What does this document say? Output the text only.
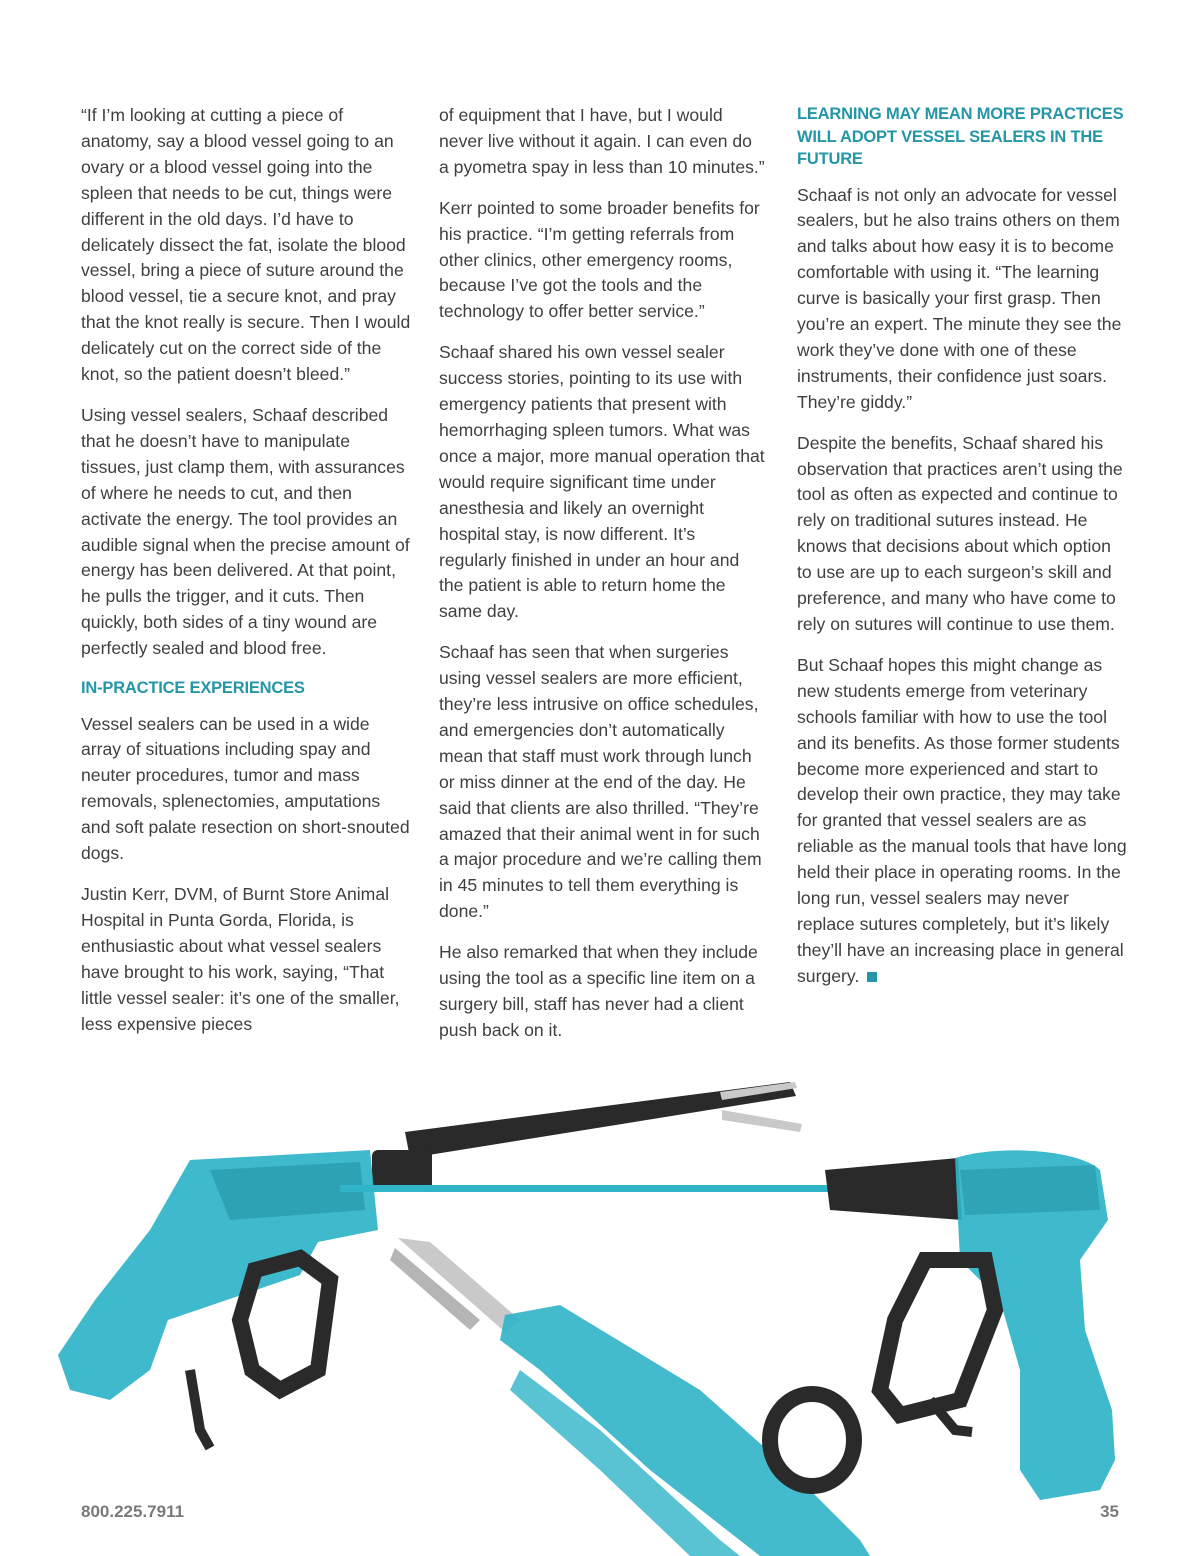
“If I’m looking at cutting a piece of anatomy, say a blood vessel going to an ovary or a blood vessel going into the spleen that needs to be cut, things were different in the old days. I’d have to delicately dissect the fat, isolate the blood vessel, bring a piece of suture around the blood vessel, tie a secure knot, and pray that the knot really is secure. Then I would delicately cut on the correct side of the knot, so the patient doesn’t bleed.”

Using vessel sealers, Schaaf described that he doesn’t have to manipulate tissues, just clamp them, with assurances of where he needs to cut, and then activate the energy. The tool provides an audible signal when the precise amount of energy has been delivered. At that point, he pulls the trigger, and it cuts. Then quickly, both sides of a tiny wound are perfectly sealed and blood free.

IN-PRACTICE EXPERIENCES

Vessel sealers can be used in a wide array of situations including spay and neuter procedures, tumor and mass removals, splenectomies, amputations and soft palate resection on short-snouted dogs.

Justin Kerr, DVM, of Burnt Store Animal Hospital in Punta Gorda, Florida, is enthusiastic about what vessel sealers have brought to his work, saying, “That little vessel sealer: it’s one of the smaller, less expensive pieces

of equipment that I have, but I would never live without it again. I can even do a pyometra spay in less than 10 minutes.”

Kerr pointed to some broader benefits for his practice. “I’m getting referrals from other clinics, other emergency rooms, because I’ve got the tools and the technology to offer better service.”

Schaaf shared his own vessel sealer success stories, pointing to its use with emergency patients that present with hemorrhaging spleen tumors. What was once a major, more manual operation that would require significant time under anesthesia and likely an overnight hospital stay, is now different. It’s regularly finished in under an hour and the patient is able to return home the same day.

Schaaf has seen that when surgeries using vessel sealers are more efficient, they’re less intrusive on office schedules, and emergencies don’t automatically mean that staff must work through lunch or miss dinner at the end of the day. He said that clients are also thrilled. “They’re amazed that their animal went in for such a major procedure and we’re calling them in 45 minutes to tell them everything is done.”

He also remarked that when they include using the tool as a specific line item on a surgery bill, staff has never had a client push back on it.

LEARNING MAY MEAN MORE PRACTICES WILL ADOPT VESSEL SEALERS IN THE FUTURE

Schaaf is not only an advocate for vessel sealers, but he also trains others on them and talks about how easy it is to become comfortable with using it. “The learning curve is basically your first grasp. Then you’re an expert. The minute they see the work they’ve done with one of these instruments, their confidence just soars. They’re giddy.”

Despite the benefits, Schaaf shared his observation that practices aren’t using the tool as often as expected and continue to rely on traditional sutures instead. He knows that decisions about which option to use are up to each surgeon’s skill and preference, and many who have come to rely on sutures will continue to use them.

But Schaaf hopes this might change as new students emerge from veterinary schools familiar with how to use the tool and its benefits. As those former students become more experienced and start to develop their own practice, they may take for granted that vessel sealers are as reliable as the manual tools that have long held their place in operating rooms. In the long run, vessel sealers may never replace sutures completely, but it’s likely they’ll have an increasing place in general surgery.

800.225.7911	35
